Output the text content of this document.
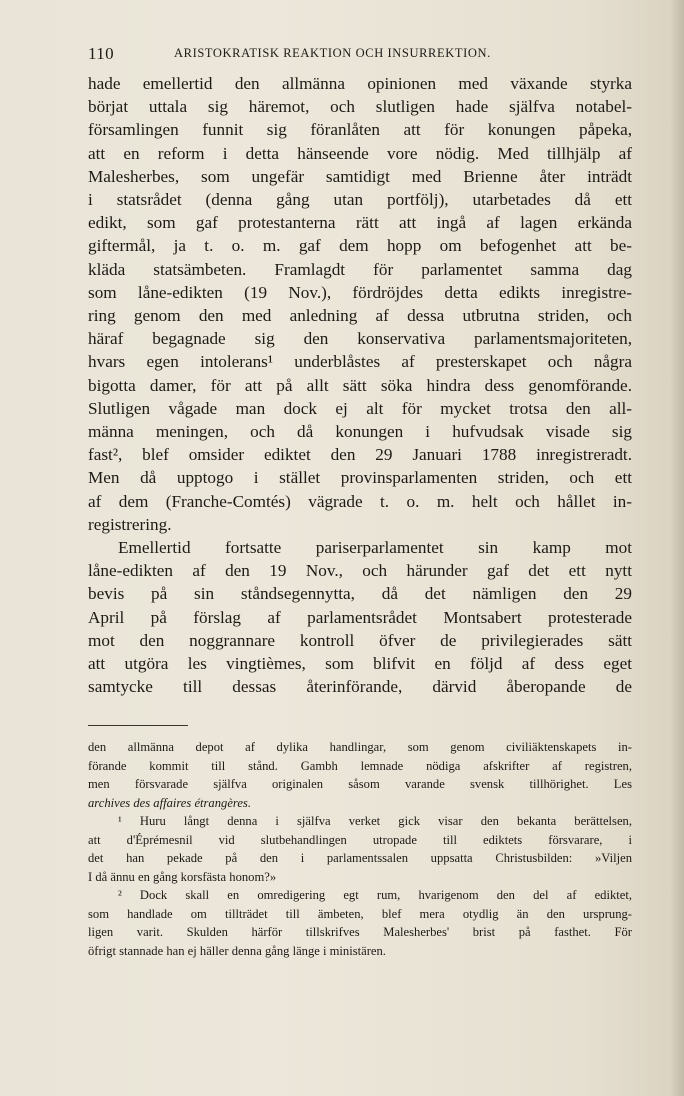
110	ARISTOKRATISK REAKTION OCH INSURREKTION.
hade emellertid den allmänna opinionen med växande styrka
börjat uttala sig häremot, och slutligen hade själfva notabel-
församlingen funnit sig föranlåten att för konungen påpeka,
att en reform i detta hänseende vore nödig. Med tillhjälp af
Malesherbes, som ungefär samtidigt med Brienne åter inträdt
i statsrådet (denna gång utan portfölj), utarbetades då ett
edikt, som gaf protestanterna rätt att ingå af lagen erkända
giftermål, ja t. o. m. gaf dem hopp om befogenhet att be-
kläda statsämbeten. Framlagdt för parlamentet samma dag
som låne-edikten (19 Nov.), fördröjdes detta edikts inregistre-
ring genom den med anledning af dessa utbrutna striden, och
häraf begagnade sig den konservativa parlamentsmajoriteten,
hvars egen intolerans¹ underblåstes af presterskapet och några
bigotta damer, för att på allt sätt söka hindra dess genomförande.
Slutligen vågade man dock ej alt för mycket trotsa den all-
männa meningen, och då konungen i hufvudsak visade sig
fast², blef omsider ediktet den 29 Januari 1788 inregistreradt.
Men då upptogo i stället provinsparlamenten striden, och ett
af dem (Franche-Comtés) vägrade t. o. m. helt och hållet in-
registrering.
Emellertid fortsatte pariserparlamentet sin kamp mot
låne-edikten af den 19 Nov., och härunder gaf det ett nytt
bevis på sin ståndsegennytta, då det nämligen den 29
April på förslag af parlamentsrådet Montsabert protesterade
mot den noggrannare kontroll öfver de privilegierades sätt
att utgöra les vingtièmes, som blifvit en följd af dess eget
samtycke till dessas återinförande, därvid åberopande de
den allmänna depot af dylika handlingar, som genom civiliäktenskapets in-
förande kommit till stånd. Gambh lemnade nödiga afskrifter af registren,
men försvarade själfva originalen såsom varande svensk tillhörighet. Les
archives des affaires étrangères.
¹ Huru långt denna i själfva verket gick visar den bekanta berättelsen,
att d'Éprémesnil vid slutbehandlingen utropade till ediktets försvarare, i
det han pekade på den i parlamentssalen uppsatta Christusbilden: »Viljen
I då ännu en gång korsfästa honom?»
² Dock skall en omredigering egt rum, hvarigenom den del af ediktet,
som handlade om tillträdet till ämbeten, blef mera otydlig än den ursprung-
ligen varit. Skulden härför tillskrifves Malesherbes' brist på fasthet. För
öfrigt stannade han ej häller denna gång länge i ministären.
